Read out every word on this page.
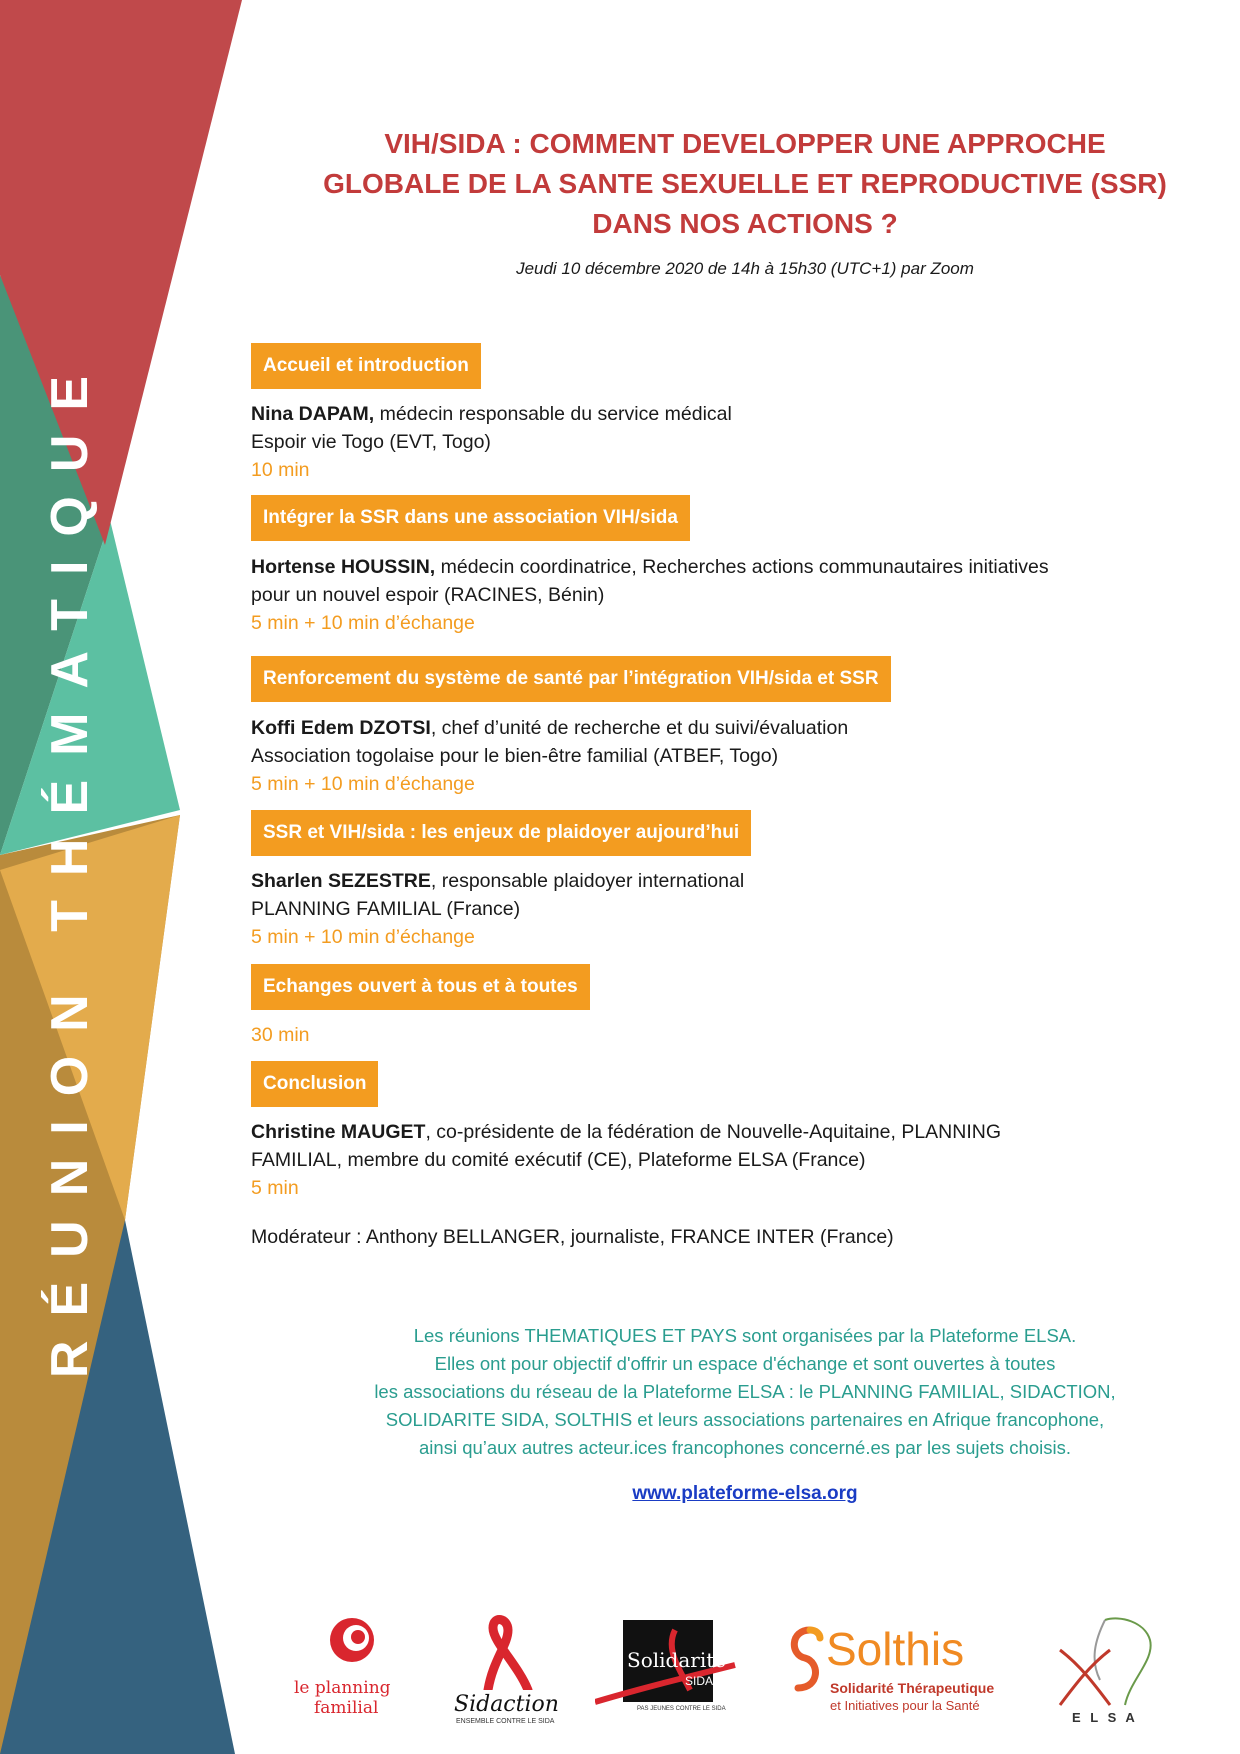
RÉUNION THÉMATIQUE
VIH/SIDA : COMMENT DEVELOPPER UNE APPROCHE
GLOBALE DE LA SANTE SEXUELLE ET REPRODUCTIVE (SSR)
DANS NOS ACTIONS ?
Jeudi 10 décembre 2020 de 14h à 15h30 (UTC+1) par Zoom
Accueil et introduction
Nina DAPAM, médecin responsable du service médical
Espoir vie Togo (EVT, Togo)
10 min
Intégrer la SSR dans une association VIH/sida
Hortense HOUSSIN, médecin coordinatrice, Recherches actions communautaires initiatives
pour un nouvel espoir (RACINES, Bénin)
5 min + 10 min d’échange
Renforcement du système de santé par l’intégration VIH/sida et SSR
Koffi Edem DZOTSI, chef d’unité de recherche et du suivi/évaluation
Association togolaise pour le bien-être familial (ATBEF, Togo)
5 min + 10 min d’échange
SSR et VIH/sida : les enjeux de plaidoyer aujourd’hui
Sharlen SEZESTRE, responsable plaidoyer international
PLANNING FAMILIAL (France)
5 min + 10 min d’échange
Echanges ouvert à tous et à toutes
30 min
Conclusion
Christine MAUGET, co-présidente de la fédération de Nouvelle-Aquitaine, PLANNING
FAMILIAL, membre du comité exécutif (CE), Plateforme ELSA (France)
5 min
Modérateur : Anthony BELLANGER, journaliste, FRANCE INTER (France)
Les réunions THEMATIQUES ET PAYS sont organisées par la Plateforme ELSA.
Elles ont pour objectif d'offrir un espace d'échange et sont ouvertes à toutes
les associations du réseau de la Plateforme ELSA : le PLANNING FAMILIAL, SIDACTION,
SOLIDARITE SIDA, SOLTHIS et leurs associations partenaires en Afrique francophone,
ainsi qu’aux autres acteur.ices francophones concerné.es par les sujets choisis.
www.plateforme-elsa.org
le planning
familial	Sidaction
ENSEMBLE CONTRE LE SIDA
Solidarité
SIDA
PAS JEUNES CONTRE LE SIDA
Solthis
Solidarité Thérapeutique
et Initiatives pour la Santé
E L S A
